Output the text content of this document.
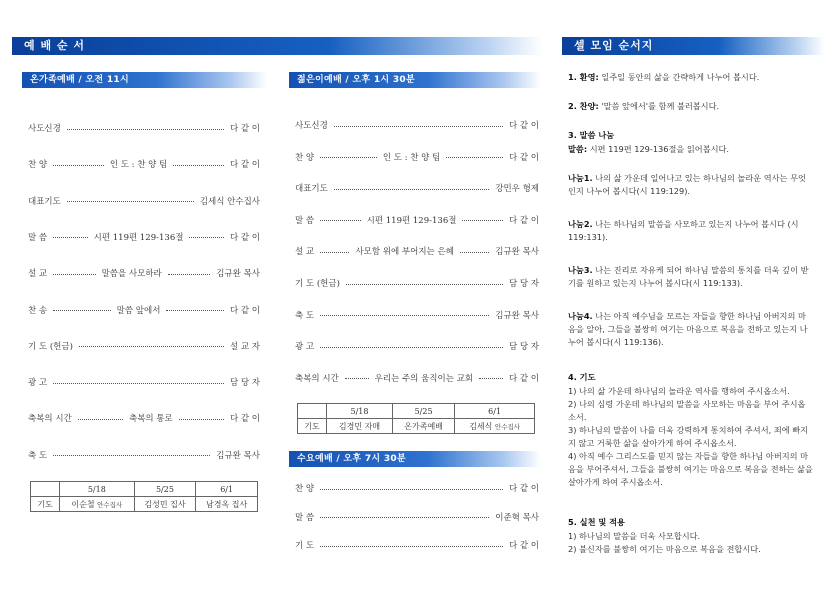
예 배 순 서	셀 모임 순서지
온가족예배 / 오전 11시
사도신경	다 같 이
찬 양	인 도 : 찬 양 팀	다 같 이
대표기도	김세식 안수집사
말 씀	시편 119편 129-136절	다 같 이
설 교	말씀을 사모하라	김규완 목사
찬 송	말씀 앞에서	다 같 이
기 도 (헌금)	설 교 자
광 고	담 당 자
축복의 시간	축복의 통로	다 같 이
축 도	김규완 목사
	5/18	5/25	6/1
기도	이순철 안수집사	김성민 집사	남경옥 집사
젊은이예배 / 오후 1시 30분
사도신경	다 같 이
찬 양	인 도 : 찬 양 팀	다 같 이
대표기도	강민우 형제
말 씀	시편 119편 129-136절	다 같 이
설 교	사모함 위에 부어지는 은혜	김규완 목사
기 도 (헌금)	담 당 자
축 도	김규완 목사
광 고	담 당 자
축복의 시간	우리는 주의 움직이는 교회	다 같 이
	5/18	5/25	6/1
기도	김경민 자매	온가족예배	김세식 안수집사
수요예배 / 오후 7시 30분
찬 양	다 같 이
말 씀	이준혁 목사
기 도	다 같 이
1. 환영: 일주일 동안의 삶을 간략하게 나누어 봅시다.
2. 찬양: '말씀 앞에서'를 함께 불러봅시다.
3. 말씀 나눔
말씀: 시편 119편 129-136절을 읽어봅시다.
나눔1. 나의 삶 가운데 일어나고 있는 하나님의 놀라운 역사는 무엇인지 나누어 봅시다(시 119:129).
나눔2. 나는 하나님의 말씀을 사모하고 있는지 나누어 봅시다 (시 119:131).
나눔3. 나는 진리로 자유케 되어 하나님 말씀의 통치를 더욱 깊이 받기를 원하고 있는지 나누어 봅시다(시 119:133).
나눔4. 나는 아직 예수님을 모르는 자들을 향한 하나님 아버지의 마음을 알아, 그들을 불쌍히 여기는 마음으로 복음을 전하고 있는지 나누어 봅시다(시 119:136).
4. 기도
1) 나의 삶 가운데 하나님의 놀라운 역사를 행하여 주시옵소서.
2) 나의 심령 가운데 하나님의 말씀을 사모하는 마음을 부어 주시옵소서.
3) 하나님의 말씀이 나를 더욱 강력하게 통치하여 주셔서, 죄에 빠지지 않고 거룩한 삶을 살아가게 하여 주시옵소서.
4) 아직 예수 그리스도를 믿지 않는 자들을 향한 하나님 아버지의 마음을 부어주셔서, 그들을 불쌍히 여기는 마음으로 복음을 전하는 삶을 살아가게 하여 주시옵소서.
5. 실천 및 적용
1) 하나님의 말씀을 더욱 사모합시다.
2) 불신자를 불쌍히 여기는 마음으로 복음을 전합시다.
